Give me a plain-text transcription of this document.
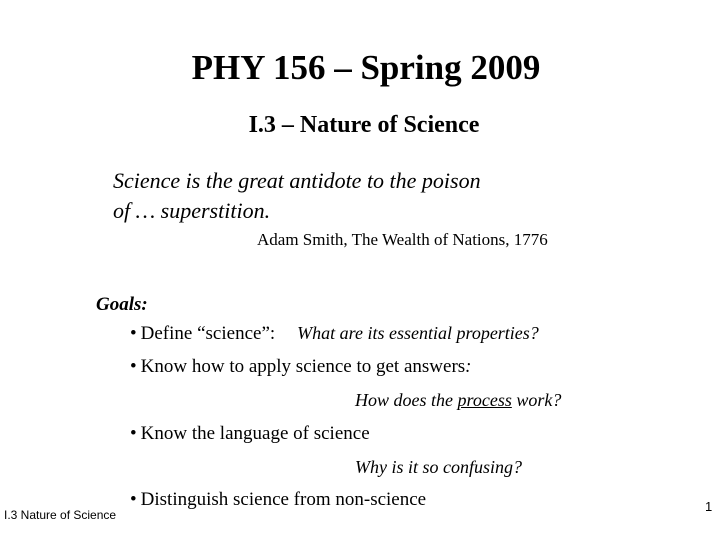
PHY 156 – Spring 2009
I.3 – Nature of Science
Science is the great antidote to the poison
of … superstition.
Adam Smith, The Wealth of Nations, 1776
Goals:
• Define “science”: What are its essential properties?
• Know how to apply science to get answers:
How does the process work?
• Know the language of science
Why is it so confusing?
• Distinguish science from non-science
I.3 Nature of Science
1
